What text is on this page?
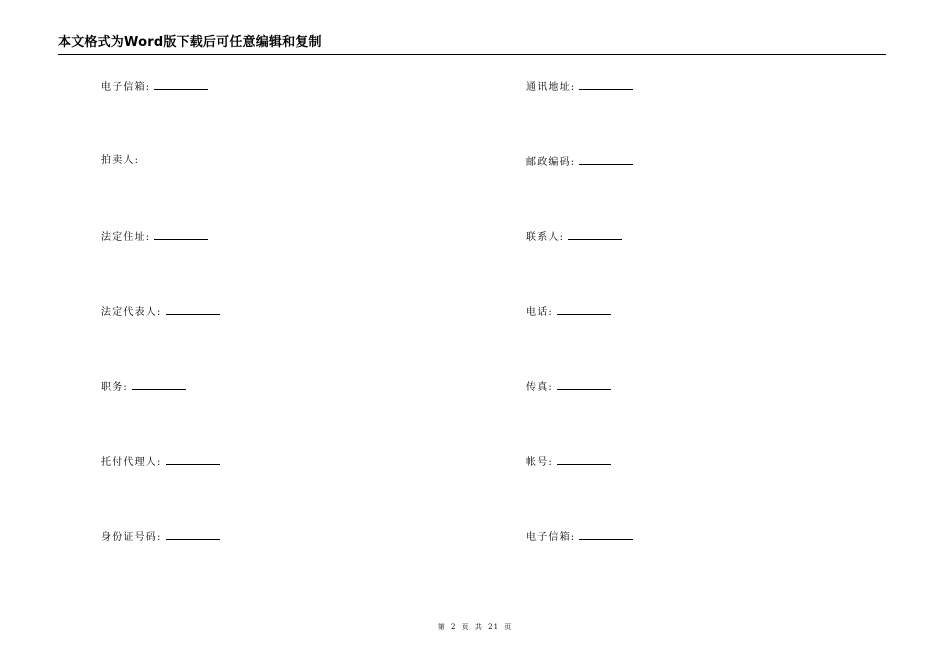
本文格式为Word版下载后可任意编辑和复制
电子信箱:
拍卖人:
法定住址:
法定代表人:
职务:
托付代理人:
身份证号码:
通讯地址:
邮政编码:
联系人:
电话:
传真:
帐号:
电子信箱:
第 2 页 共 21 页
